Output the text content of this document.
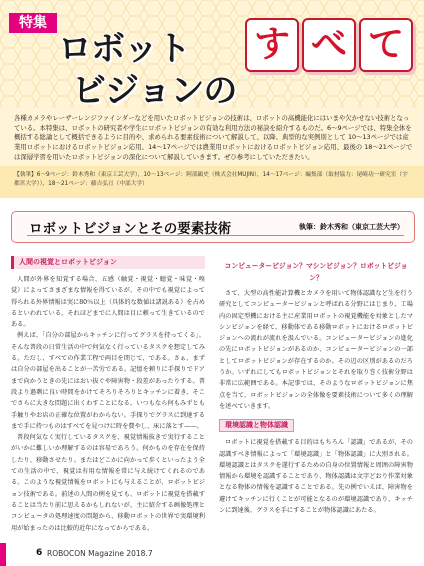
特集
ロボット
ビジョンの
す べ て

各種カメラやレーザーレンジファインダーなどを用いたロボットビジョンの技術は、ロボットの高機能化にはいまや欠かせない技術となっている。本特集は、ロボットの研究者や学生にロボットビジョンの有効な利用方法の秘訣を紹介するものだ。6〜9ページでは、特集全体を概括する総論として概括できるように目的や、求められる要素技術について解説して、以降、典型的な実例別として 10〜13ページでは産業用ロボットにおけるロボットビジョン応用、14〜17ページでは農業用ロボットにおけるロボットビジョン応用、最後の 18〜21ページでは深層学習を用いたロボットビジョンの深化について解説していきます。ぜひ参考にしていただきたい。

【執筆】6〜9ページ：鈴木秀和（東京工芸大学），10〜13ページ：阿部顕史（株式会社MUJIN），14〜17ページ：編集部（取材協力：尾崎功一研究室（宇都宮大学）），18〜21ページ：藤吉弘亘（中部大学）

ロボットビジョンとその要素技術	執筆：鈴木秀和（東京工芸大学）
人間の視覚とロボットビジョン

人間が外界を知覚する場合、五感（触覚・視覚・聴覚・味覚・嗅覚）によってさまざまな情報を得ているが、その中でも視覚によって得られる外界情報は実に80％以上（具体的な数値は諸説ある）を占めるといわれている。それほどまでに人間は目に頼って生きているのである。

例えば、「自分の部屋からキッチンに行ってグラスを持ってくる」。そんな普段の日常生活の中で何気なく行っているタスクを想定してみる。ただし、すべての作業工程で両目を閉じて、である。さぁ、まずは自分の部屋を出ることが一苦労である。記憶を頼りに手探りでドアまで向かうときの先にはおい抜ぐや障害物・段差があったりする。普段より過剰に良い時間をかけてそろりそろりとキッチンに着き、そこでさらに大きな問題に出くわすことになる。いつもなら何もみずとも手触りやお店の正確な位置がわからない。手探りでグラスに到達するまで手に持つものはすべてを見つけに時を費やし、床に落とす——。

普段何気なく実行しているタスクを、視覚情報抜きで実行することがいかに難しいか理解するのは容易であろう。何かものを存在を保持したり、移動させたり。またはどこかに向かって歩くといったよう全ての生活の中で、視覚は有用な情報を常に与え続けてくれるのである。このような視覚情報をロボットにも与えることが、ロボットビジョン技術である。前述の人間の例を見ても、ロボットに視覚を搭載することは当たり前に思えるかもしれないが、主に紹介する画像処理とコンピュータの処理速度の問題から、移動ロボットの世界で実環境利用が始まったのは比較的近年になってからである。

コンピュータービジョン？マシンビジョン？ロボットビジョン？

さて、大型の高性能計算機とカメラを用いて物体認識など生を行う研究としてコンピュータービジョンと呼ばれる分野にはじまり、工場内の固定型機における主に産業用ロボットの視覚機能を対象としたマシンビジョンを経て、移動体である移動ロボットにおけるロボットビジョンへの流れが流れを汲んでいる。コンピュータービジョンの進化の先にロボットビジョンがあるのか、コンピュータービジョンの一部としてロボットビジョンが存在するのか。その辺の区別があるのだろうか。いずれにしてもロボットビジョンとそれを取り巻く技術分野は非常に広範囲である。本記事では、そのようなロボットビジョンに焦点を当て、ロボットビジョンの全体像を要素技術について多くの理解を述べていきます。

環境認識と物体認識

ロボットに視覚を搭載する目的はもちろん「認識」であるが、その認識すべき情報によって「環境認識」と「物体認識」に大別される。環境認識とはタスクを遂行するための自身の位置情報と周囲の障害物情報から環境を認識することであり、物体認識は文字どおり作業対象となる物体の情報を認識することである。先の例でいえば、障害物を避けてキッチンに行くことが可能となるのが環境認識であり、キッチンに到達後、グラスを手にすることが物体認識にあたる。

6 ROBOCON Magazine 2018.7
